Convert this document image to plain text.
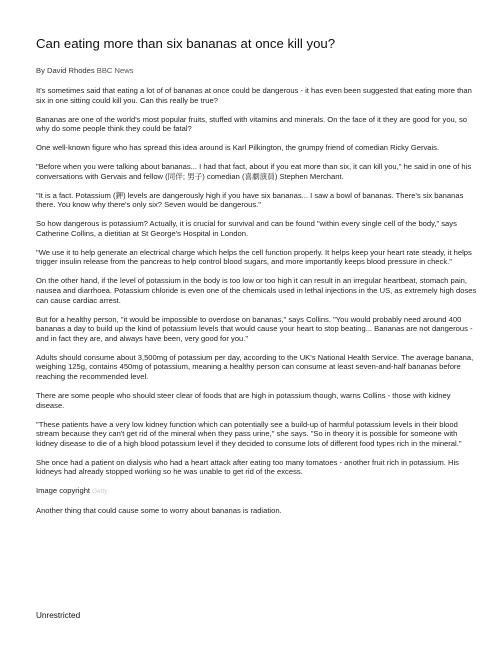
Can eating more than six bananas at once kill you?
By David Rhodes BBC News

It's sometimes said that eating a lot of of bananas at once could be dangerous - it has even been suggested that eating more than six in one sitting could kill you. Can this really be true?

Bananas are one of the world's most popular fruits, stuffed with vitamins and minerals. On the face of it they are good for you, so why do some people think they could be fatal?

One well-known figure who has spread this idea around is Karl Pilkington, the grumpy friend of comedian Ricky Gervais.

"Before when you were talking about bananas... I had that fact, about if you eat more than six, it can kill you," he said in one of his conversations with Gervais and fellow (同伴; 男子) comedian (喜劇演員) Stephen Merchant.

"It is a fact. Potassium (鉀) levels are dangerously high if you have six bananas... I saw a bowl of bananas. There's six bananas there. You know why there's only six? Seven would be dangerous."

So how dangerous is potassium? Actually, it is crucial for survival and can be found "within every single cell of the body," says Catherine Collins, a dietitian at St George's Hospital in London.

"We use it to help generate an electrical charge which helps the cell function properly. It helps keep your heart rate steady, it helps trigger insulin release from the pancreas to help control blood sugars, and more importantly keeps blood pressure in check."

On the other hand, if the level of potassium in the body is too low or too high it can result in an irregular heartbeat, stomach pain, nausea and diarrhoea. Potassium chloride is even one of the chemicals used in lethal injections in the US, as extremely high doses can cause cardiac arrest.

But for a healthy person, "it would be impossible to overdose on bananas," says Collins. "You would probably need around 400 bananas a day to build up the kind of potassium levels that would cause your heart to stop beating... Bananas are not dangerous - and in fact they are, and always have been, very good for you."

Adults should consume about 3,500mg of potassium per day, according to the UK's National Health Service. The average banana, weighing 125g, contains 450mg of potassium, meaning a healthy person can consume at least seven-and-half bananas before reaching the recommended level.

There are some people who should steer clear of foods that are high in potassium though, warns Collins - those with kidney disease.

"These patients have a very low kidney function which can potentially see a build-up of harmful potassium levels in their blood stream because they can't get rid of the mineral when they pass urine," she says. "So in theory it is possible for someone with kidney disease to die of a high blood potassium level if they decided to consume lots of different food types rich in the mineral."

She once had a patient on dialysis who had a heart attack after eating too many tomatoes - another fruit rich in potassium. His kidneys had already stopped working so he was unable to get rid of the excess.

Image copyright Getty

Another thing that could cause some to worry about bananas is radiation.

Unrestricted
